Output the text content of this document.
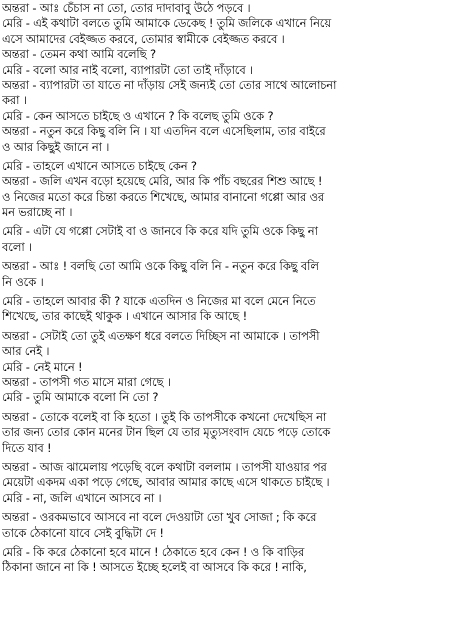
অন্তরা - আঃ চেঁচাস না তো, তোর দাদাবাবু উঠে পড়বে ।
মেরি - এই কথাটা বলতে তুমি আমাকে ডেকেছ ! তুমি জলিকে এখানে নিয়ে
এসে আমাদের বেইজ্জত করবে, তোমার স্বামীকে বেইজ্জত করবে ।
অন্তরা - তেমন কথা আমি বলেছি ?
মেরি - বলো আর নাই বলো, ব্যাপারটা তো তাই দাঁড়াবে ।
অন্তরা - ব্যাপারটা তা যাতে না দাঁড়ায় সেই জন্যই তো তোর সাথে আলোচনা
করা ।
মেরি - কেন আসতে চাইছে ও এখানে ? কি বলেছ তুমি ওকে ?
অন্তরা - নতুন করে কিছু বলি নি । যা এতদিন বলে এসেছিলাম, তার বাইরে
ও আর কিছুই জানে না ।
মেরি - তাহলে এখানে আসতে চাইছে কেন ?
অন্তরা - জলি এখন বড়ো হয়েছে মেরি, আর কি পাঁচ বছরের শিশু আছে !
ও নিজের মতো করে চিন্তা করতে শিখেছে, আমার বানানো গপ্পো আর ওর
মন ভরাচ্ছে না ।
মেরি - এটা যে গপ্পো সেটাই বা ও জানবে কি করে যদি তুমি ওকে কিছু না
বলো ।
অন্তরা - আঃ ! বলছি তো আমি ওকে কিছু বলি নি - নতুন করে কিছু বলি
নি ওকে ।
মেরি - তাহলে আবার কী ? যাকে এতদিন ও নিজের মা বলে মেনে নিতে
শিখেছে, তার কাছেই থাকুক । এখানে আসার কি আছে !
অন্তরা - সেটাই তো তুই এতক্ষণ ধরে বলতে দিচ্ছিস না আমাকে । তাপসী
আর নেই ।
মেরি - নেই মানে !
অন্তরা - তাপসী গত মাসে মারা গেছে ।
মেরি - তুমি আমাকে বলো নি তো ?
অন্তরা - তোকে বলেই বা কি হতো । তুই কি তাপসীকে কখনো দেখেছিস না
তার জন্য তোর কোন মনের টান ছিল যে তার মৃত্যুসংবাদ যেচে পড়ে তোকে
দিতে যাব !
অন্তরা - আজ ঝামেলায় পড়েছি বলে কথাটা বললাম । তাপসী যাওয়ার পর
মেয়েটা একদম একা পড়ে গেছে, আবার আমার কাছে এসে থাকতে চাইছে ।
মেরি - না, জলি এখানে আসবে না ।
অন্তরা - ওরকমভাবে আসবে না বলে দেওয়াটা তো খুব সোজা ; কি করে
তাকে ঠেকানো যাবে সেই বুদ্ধিটা দে !
মেরি - কি করে ঠেকানো হবে মানে ! ঠেকাতে হবে কেন ! ও কি বাড়ির
ঠিকানা জানে না কি ! আসতে ইচ্ছে হলেই বা আসবে কি করে ! নাকি,
